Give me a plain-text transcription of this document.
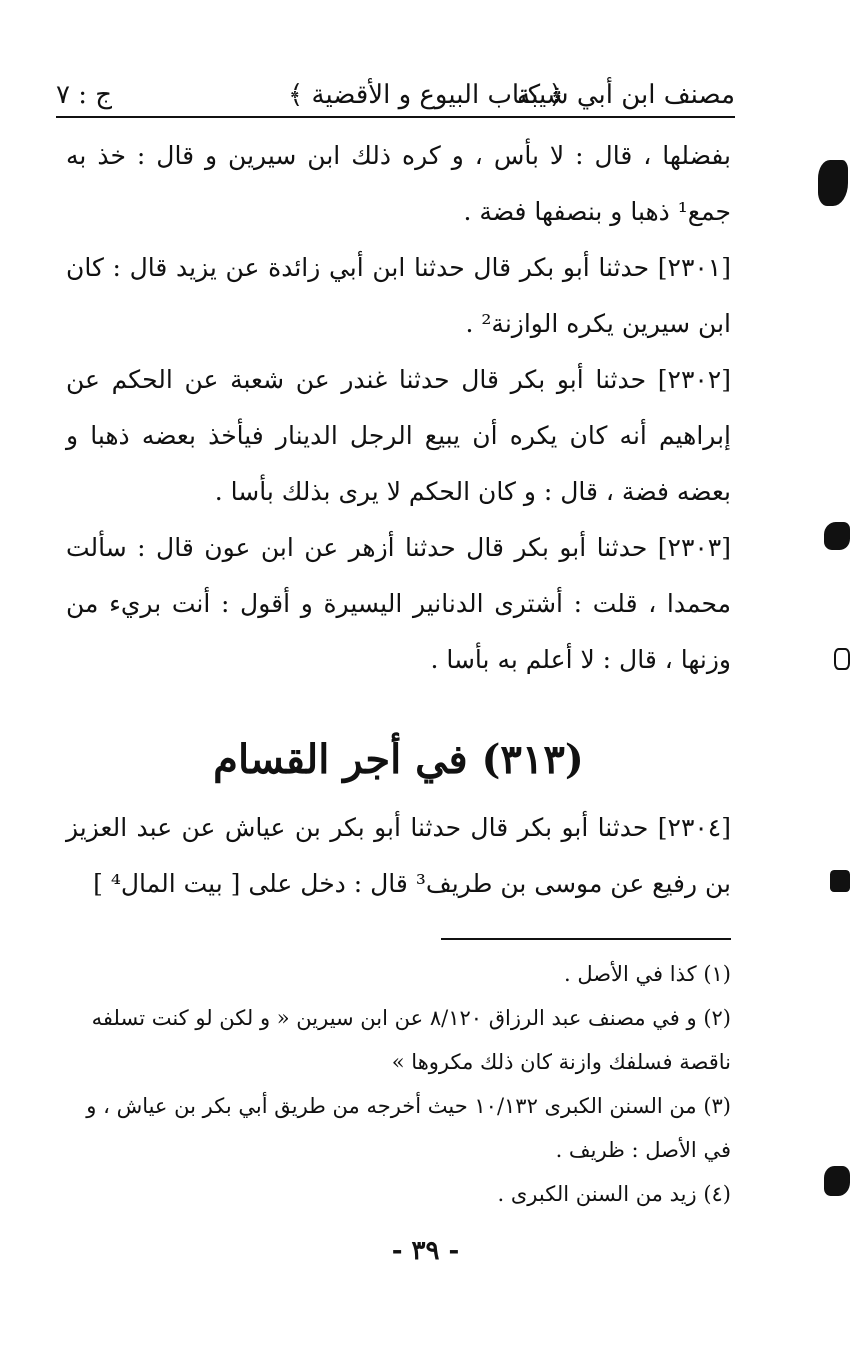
مصنف ابن أبي شيبة
﴿ كتاب البيوع و الأقضية ﴾
ج : ٧

بفضلها ، قال : لا بأس ، و كره ذلك ابن سيرين و قال : خذ به جمع¹ ذهبا و بنصفها فضة .

[٢٣٠١] حدثنا أبو بكر قال حدثنا ابن أبي زائدة عن يزيد قال : كان ابن سيرين يكره الوازنة² .

[٢٣٠٢] حدثنا أبو بكر قال حدثنا غندر عن شعبة عن الحكم عن إبراهيم أنه كان يكره أن يبيع الرجل الدينار فيأخذ بعضه ذهبا و بعضه فضة ، قال : و كان الحكم لا يرى بذلك بأسا .

[٢٣٠٣] حدثنا أبو بكر قال حدثنا أزهر عن ابن عون قال : سألت محمدا ، قلت : أشترى الدنانير اليسيرة و أقول : أنت بريء من وزنها ، قال : لا أعلم به بأسا .

(٣١٣) في أجر القسام

[٢٣٠٤] حدثنا أبو بكر قال حدثنا أبو بكر بن عياش عن عبد العزيز بن رفيع عن موسى بن طريف³ قال : دخل على [ بيت المال⁴ ]

(١) كذا في الأصل .

(٢) و في مصنف عبد الرزاق ٨/١٢٠ عن ابن سيرين « و لكن لو كنت تسلفه ناقصة فسلفك وازنة كان ذلك مكروها »

(٣) من السنن الكبرى ١٠/١٣٢ حيث أخرجه من طريق أبي بكر بن عياش ، و في الأصل : ظريف .

(٤) زيد من السنن الكبرى .

- ٣٩ -
